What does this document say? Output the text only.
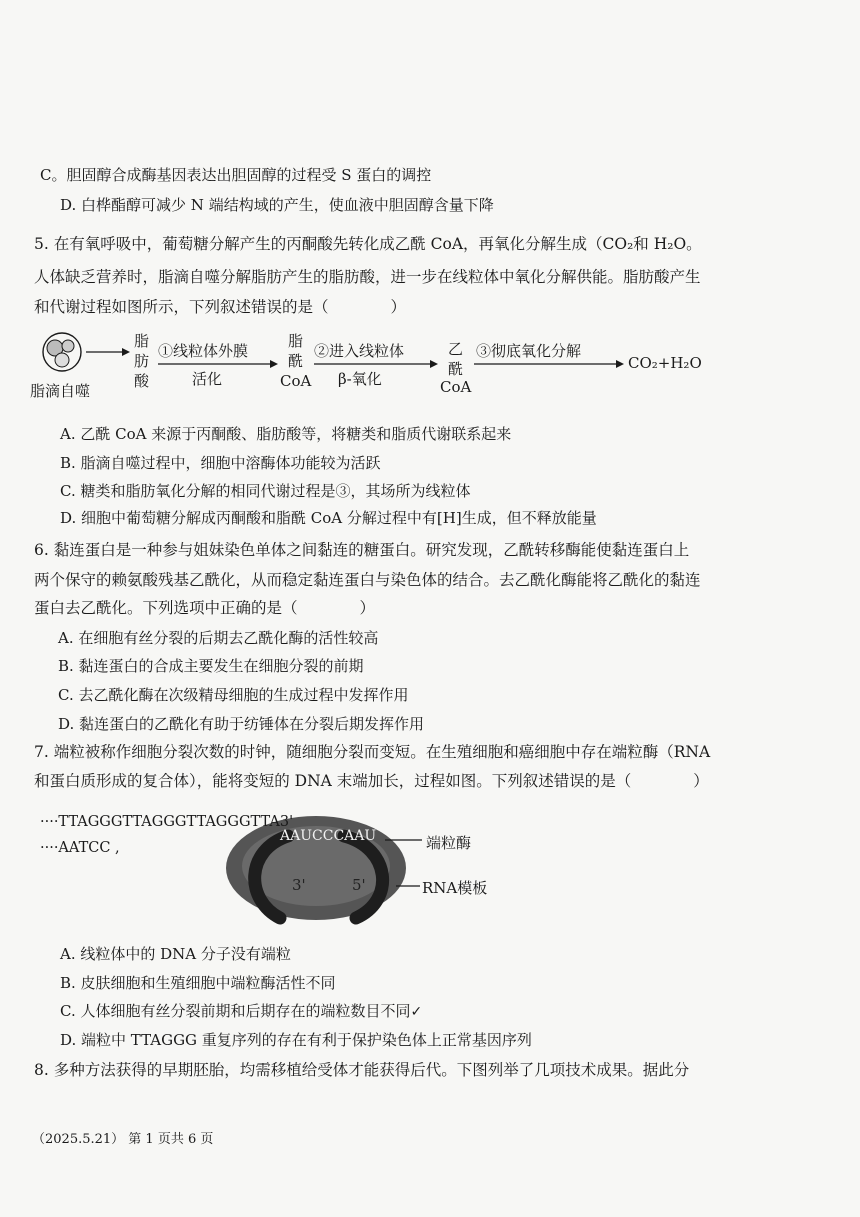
C。胆固醇合成酶基因表达出胆固醇的过程受 S 蛋白的调控
D. 白桦酯醇可减少 N 端结构域的产生，使血液中胆固醇含量下降
5. 在有氧呼吸中，葡萄糖分解产生的丙酮酸先转化成乙酰 CoA，再氧化分解生成（CO₂和 H₂O。
人体缺乏营养时，脂滴自噬分解脂肪产生的脂肪酸，进一步在线粒体中氧化分解供能。脂肪酸产生
和代谢过程如图所示，下列叙述错误的是（　　　　）
脂滴自噬
脂
肪
酸
①线粒体外膜
活化
脂
酰
CoA
②进入线粒体
β-氧化
乙
酰
CoA
③彻底氧化分解
CO₂+H₂O
A. 乙酰 CoA 来源于丙酮酸、脂肪酸等，将糖类和脂质代谢联系起来
B. 脂滴自噬过程中，细胞中溶酶体功能较为活跃
C. 糖类和脂肪氧化分解的相同代谢过程是③，其场所为线粒体
D. 细胞中葡萄糖分解成丙酮酸和脂酰 CoA 分解过程中有[H]生成，但不释放能量
6. 黏连蛋白是一种参与姐妹染色单体之间黏连的糖蛋白。研究发现，乙酰转移酶能使黏连蛋白上
两个保守的赖氨酸残基乙酰化，从而稳定黏连蛋白与染色体的结合。去乙酰化酶能将乙酰化的黏连
蛋白去乙酰化。下列选项中正确的是（　　　　）
A. 在细胞有丝分裂的后期去乙酰化酶的活性较高
B. 黏连蛋白的合成主要发生在细胞分裂的前期
C. 去乙酰化酶在次级精母细胞的生成过程中发挥作用
D. 黏连蛋白的乙酰化有助于纺锤体在分裂后期发挥作用
7. 端粒被称作细胞分裂次数的时钟，随细胞分裂而变短。在生殖细胞和癌细胞中存在端粒酶（RNA
和蛋白质形成的复合体），能将变短的 DNA 末端加长，过程如图。下列叙述错误的是（　　　　）
····TTAGGGTTAGGGTTAGGGTTA3'
····AATCC ,
AAUCCCAAU	端粒酶
RNA模板
3'	5'
A. 线粒体中的 DNA 分子没有端粒
B. 皮肤细胞和生殖细胞中端粒酶活性不同
C. 人体细胞有丝分裂前期和后期存在的端粒数目不同✓
D. 端粒中 TTAGGG 重复序列的存在有利于保护染色体上正常基因序列
8. 多种方法获得的早期胚胎，均需移植给受体才能获得后代。下图列举了几项技术成果。据此分
（2025.5.21） 第 1 页共 6 页
